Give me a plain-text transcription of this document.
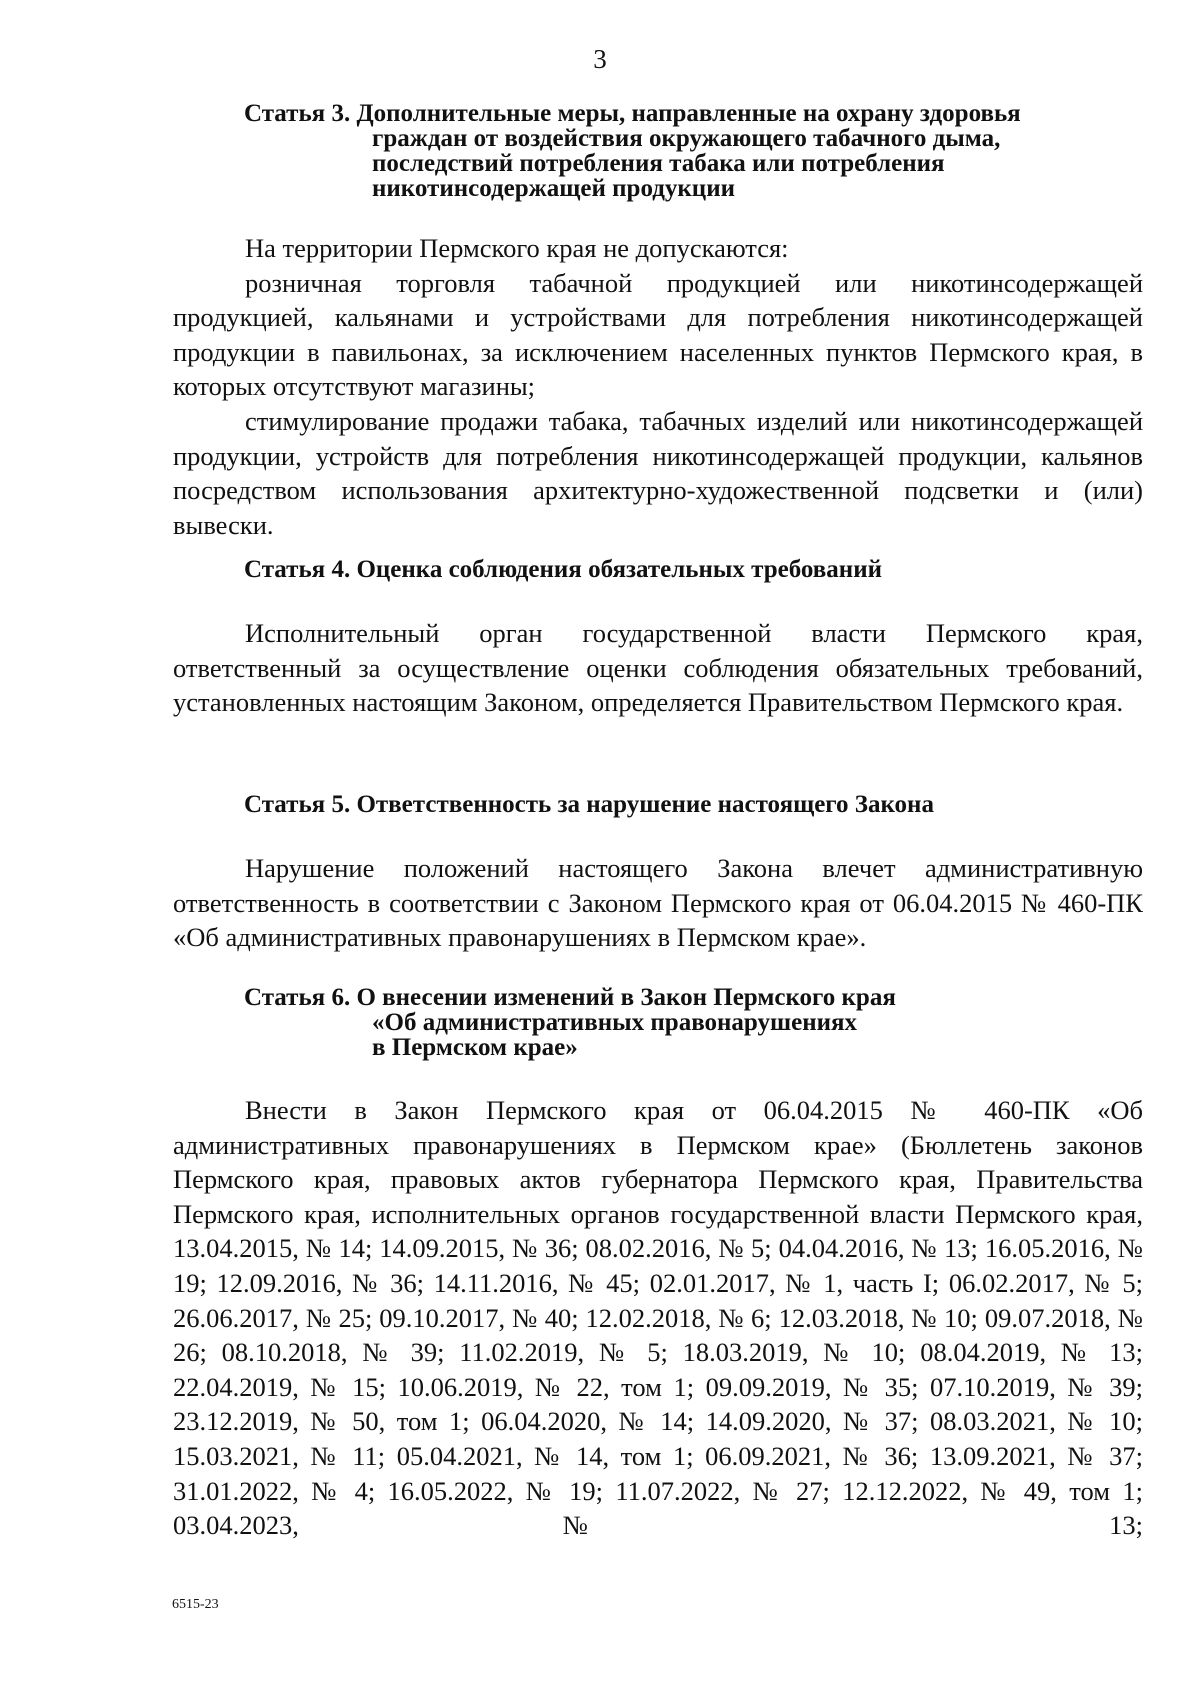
3
Статья 3. Дополнительные меры, направленные на охрану здоровья
граждан от воздействия окружающего табачного дыма,
последствий потребления табака или потребления
никотинсодержащей продукции

На территории Пермского края не допускаются:

розничная торговля табачной продукцией или никотинсодержащей продукцией, кальянами и устройствами для потребления никотинсодержащей продукции в павильонах, за исключением населенных пунктов Пермского края, в которых отсутствуют магазины;

стимулирование продажи табака, табачных изделий или никотинсодержащей продукции, устройств для потребления никотинсодержащей продукции, кальянов посредством использования архитектурно-художественной подсветки и (или) вывески.

Статья 4. Оценка соблюдения обязательных требований

Исполнительный орган государственной власти Пермского края, ответственный за осуществление оценки соблюдения обязательных требований, установленных настоящим Законом, определяется Правительством Пермского края.

Статья 5. Ответственность за нарушение настоящего Закона

Нарушение положений настоящего Закона влечет административную ответственность в соответствии с Законом Пермского края от 06.04.2015 № 460-ПК «Об административных правонарушениях в Пермском крае».

Статья 6. О внесении изменений в Закон Пермского края
«Об административных правонарушениях
в Пермском крае»

Внести в Закон Пермского края от 06.04.2015 № 460-ПК «Об административных правонарушениях в Пермском крае» (Бюллетень законов Пермского края, правовых актов губернатора Пермского края, Правительства Пермского края, исполнительных органов государственной власти Пермского края, 13.04.2015, № 14; 14.09.2015, № 36; 08.02.2016, № 5; 04.04.2016, № 13; 16.05.2016, № 19; 12.09.2016, № 36; 14.11.2016, № 45; 02.01.2017, № 1, часть I; 06.02.2017, № 5; 26.06.2017, № 25; 09.10.2017, № 40; 12.02.2018, № 6; 12.03.2018, № 10; 09.07.2018, № 26; 08.10.2018, № 39; 11.02.2019, № 5; 18.03.2019, № 10; 08.04.2019, № 13; 22.04.2019, № 15; 10.06.2019, № 22, том 1; 09.09.2019, № 35; 07.10.2019, № 39; 23.12.2019, № 50, том 1; 06.04.2020, № 14; 14.09.2020, № 37; 08.03.2021, № 10; 15.03.2021, № 11; 05.04.2021, № 14, том 1; 06.09.2021, № 36; 13.09.2021, № 37; 31.01.2022, № 4; 16.05.2022, № 19; 11.07.2022, № 27; 12.12.2022, № 49, том 1; 03.04.2023, № 13;

6515-23
